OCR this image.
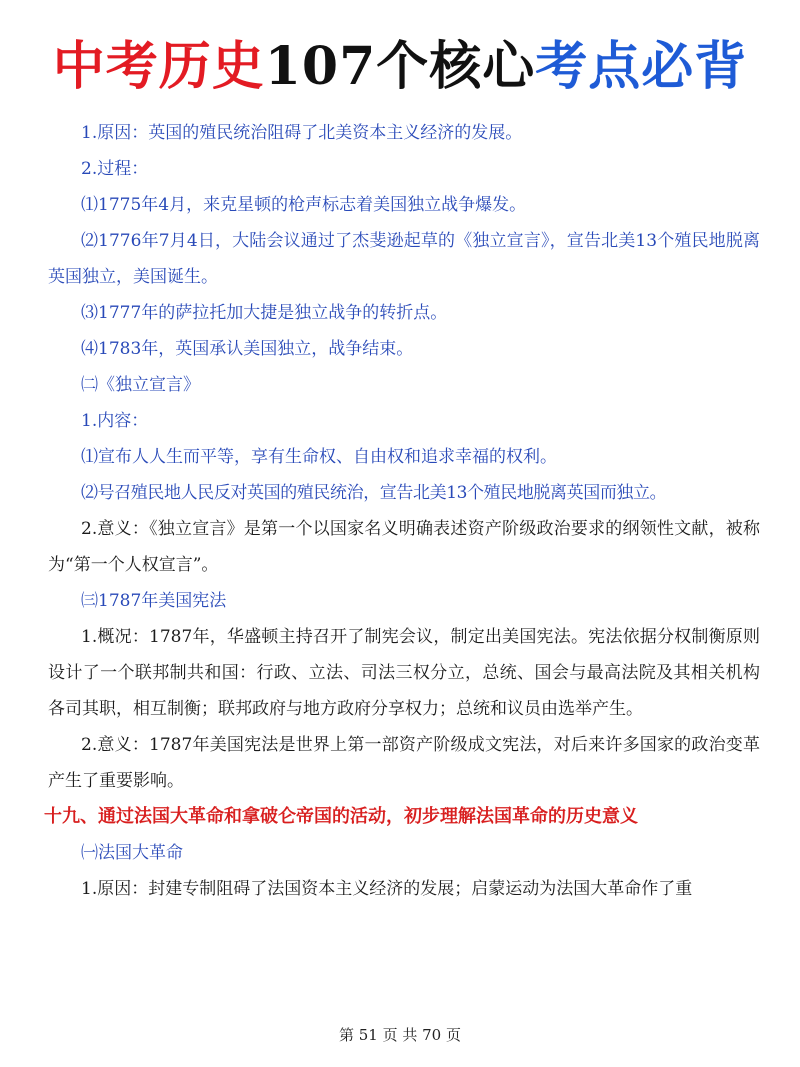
中考历史107个核心考点必背

1.原因：英国的殖民统治阻碍了北美资本主义经济的发展。

2.过程：

⑴1775年4月，来克星顿的枪声标志着美国独立战争爆发。

⑵1776年7月4日，大陆会议通过了杰斐逊起草的《独立宣言》，宣告北美13个殖民地脱离英国独立，美国诞生。

⑶1777年的萨拉托加大捷是独立战争的转折点。

⑷1783年，英国承认美国独立，战争结束。

㈡《独立宣言》

1.内容：

⑴宣布人人生而平等，享有生命权、自由权和追求幸福的权利。

⑵号召殖民地人民反对英国的殖民统治，宣告北美13个殖民地脱离英国而独立。

2.意义：《独立宣言》是第一个以国家名义明确表述资产阶级政治要求的纲领性文献，被称为“第一个人权宣言”。

㈢1787年美国宪法

1.概况：1787年，华盛顿主持召开了制宪会议，制定出美国宪法。宪法依据分权制衡原则设计了一个联邦制共和国：行政、立法、司法三权分立，总统、国会与最高法院及其相关机构各司其职，相互制衡；联邦政府与地方政府分享权力；总统和议员由选举产生。

2.意义：1787年美国宪法是世界上第一部资产阶级成文宪法，对后来许多国家的政治变革产生了重要影响。

十九、通过法国大革命和拿破仑帝国的活动，初步理解法国革命的历史意义

㈠法国大革命

1.原因：封建专制阻碍了法国资本主义经济的发展；启蒙运动为法国大革命作了重

第 51 页 共 70 页
